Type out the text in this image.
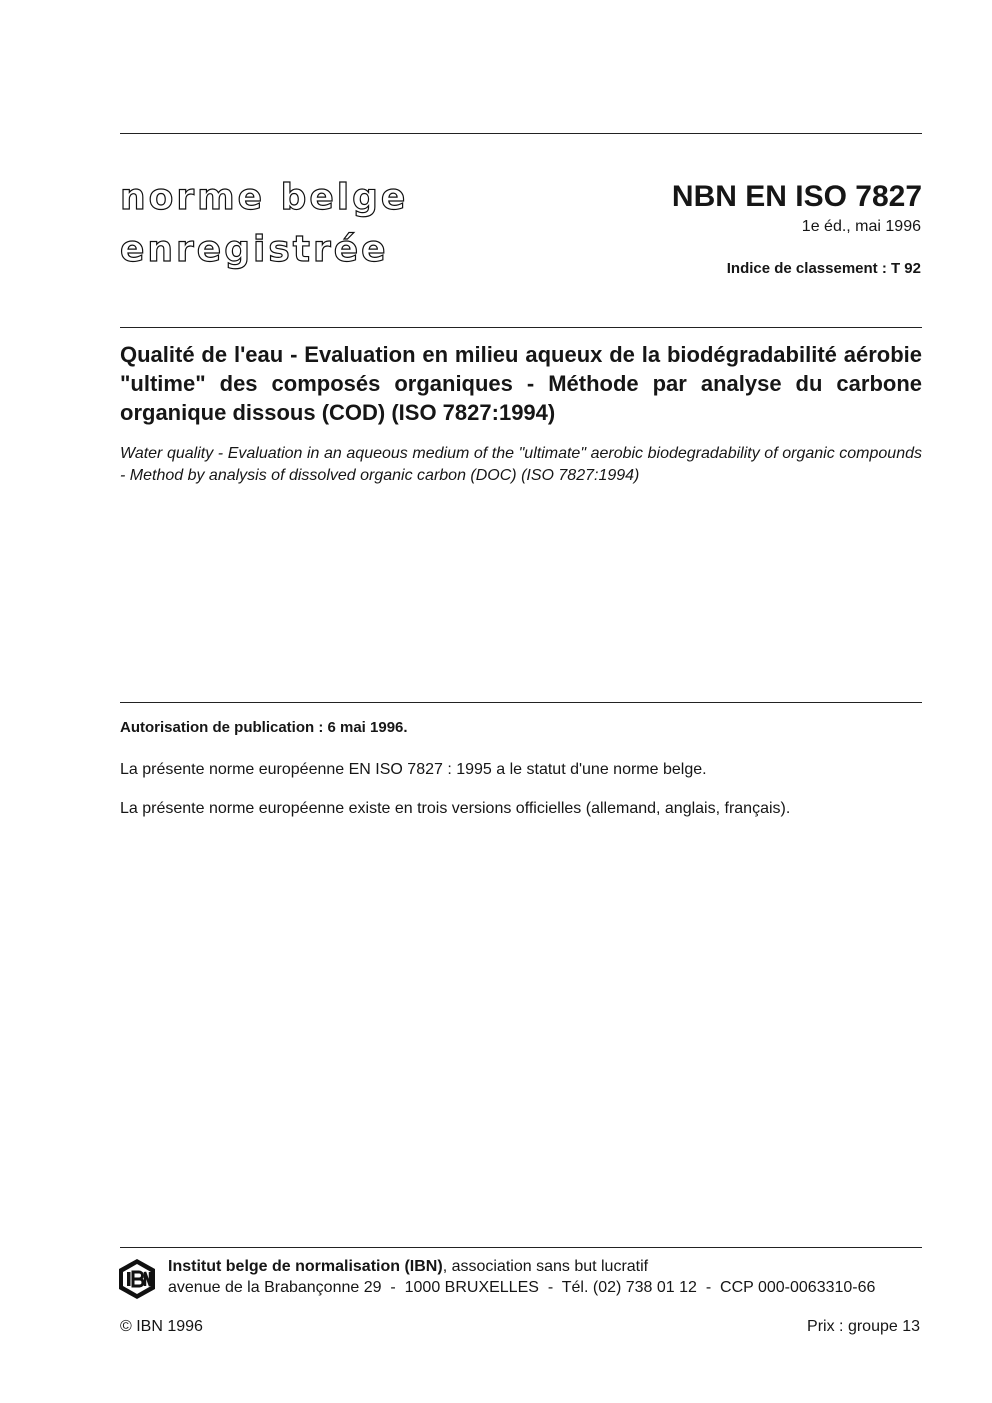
norme belge
enregistrée
NBN EN ISO 7827
1e éd., mai 1996
Indice de classement : T 92
Qualité de l'eau - Evaluation en milieu aqueux de la biodégradabilité aérobie "ultime" des composés organiques - Méthode par analyse du carbone organique dissous (COD) (ISO 7827:1994)
Water quality - Evaluation in an aqueous medium of the "ultimate" aerobic biodegradability of organic compounds - Method by analysis of dissolved organic carbon (DOC) (ISO 7827:1994)
Autorisation de publication : 6 mai 1996.
La présente norme européenne EN ISO 7827 : 1995 a le statut d'une norme belge.
La présente norme européenne existe en trois versions officielles (allemand, anglais, français).
Institut belge de normalisation (IBN), association sans but lucratif
avenue de la Brabançonne 29  -  1000 BRUXELLES  -  Tél. (02) 738 01 12  -  CCP 000-0063310-66
© IBN 1996	Prix : groupe 13
